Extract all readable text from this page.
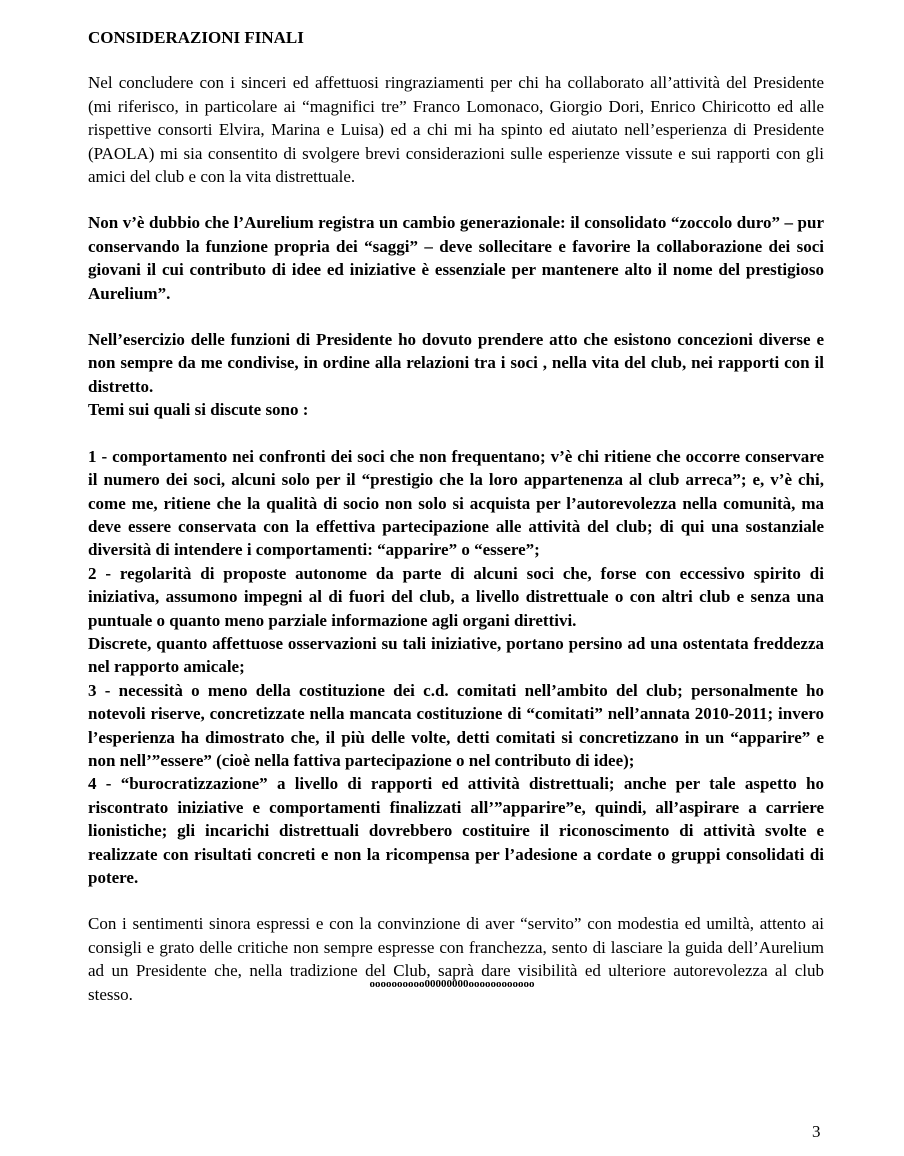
CONSIDERAZIONI FINALI

Nel concludere con i sinceri ed affettuosi ringraziamenti per chi ha collaborato all’attività del Presidente (mi riferisco, in particolare ai “magnifici tre” Franco Lomonaco, Giorgio Dori, Enrico Chiricotto ed alle rispettive consorti Elvira, Marina e Luisa) ed a chi mi ha spinto ed aiutato nell’esperienza di Presidente (PAOLA) mi sia consentito di svolgere brevi considerazioni sulle esperienze vissute e sui rapporti con gli amici del club e con la vita distrettuale.

Non v’è dubbio che l’Aurelium registra un cambio generazionale: il consolidato “zoccolo duro” – pur conservando la funzione propria dei “saggi” – deve sollecitare e favorire la collaborazione dei soci giovani il cui contributo di idee ed iniziative è essenziale per mantenere alto il nome del prestigioso Aurelium”.

Nell’esercizio delle funzioni di Presidente ho dovuto prendere atto che esistono concezioni diverse e non sempre da me condivise, in ordine alla relazioni tra i soci , nella vita del club, nei rapporti con il distretto.

Temi sui quali si discute sono :

1 - comportamento nei confronti dei soci che non frequentano; v’è chi ritiene che occorre conservare il numero dei soci, alcuni solo per il “prestigio che la loro appartenenza al club arreca”; e, v’è chi, come me, ritiene che la qualità di socio non solo si acquista per l’autorevolezza nella comunità, ma deve essere conservata con la effettiva partecipazione alle attività del club; di qui una sostanziale diversità di intendere i comportamenti: “apparire” o “essere”;

2 - regolarità di proposte autonome da parte di alcuni soci che, forse con eccessivo spirito di iniziativa, assumono impegni al di fuori del club, a livello distrettuale o con altri club e senza una puntuale o quanto meno parziale informazione agli organi direttivi.

Discrete, quanto affettuose osservazioni su tali iniziative, portano persino ad una ostentata freddezza nel rapporto amicale;

3 - necessità o meno della costituzione dei c.d. comitati nell’ambito del club; personalmente ho notevoli riserve, concretizzate nella mancata costituzione di “comitati” nell’annata 2010-2011; invero l’esperienza ha dimostrato che, il più delle volte, detti comitati si concretizzano in un “apparire” e non nell’”essere” (cioè nella fattiva partecipazione o nel contributo di idee);

4 - “burocratizzazione” a livello di rapporti ed attività distrettuali; anche per tale aspetto ho riscontrato iniziative e comportamenti finalizzati all’”apparire”e, quindi, all’aspirare a carriere lionistiche; gli incarichi distrettuali dovrebbero costituire il riconoscimento di attività svolte e realizzate con risultati concreti e non la ricompensa per l’adesione a cordate o gruppi consolidati di potere.

Con i sentimenti sinora espressi e con la convinzione di aver “servito” con modestia ed umiltà, attento ai consigli e grato delle critiche non sempre espresse con franchezza, sento di lasciare la guida dell’Aurelium ad un Presidente che, nella tradizione del Club, saprà dare visibilità ed ulteriore autorevolezza al club stesso.

oooooooooo00000000oooooooooooo
3
